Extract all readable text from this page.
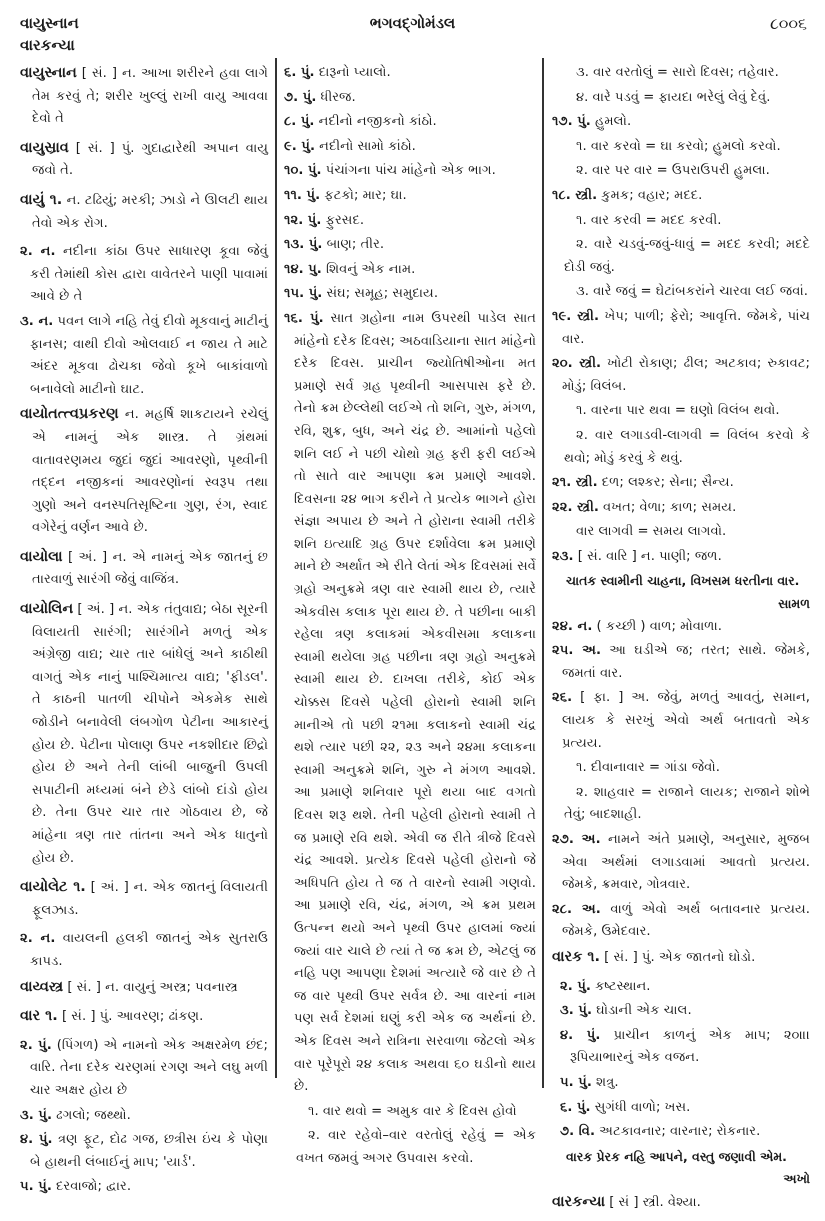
વાયુસ્નાન
વારકન્યા
ભગવદ્ગોમંડલ	૮૦૦૬
વાયુસ્નાન [ સં. ] ન. આખા શરીરને હવા લાગે તેમ કરવું તે; શરીર ખુલ્લું રાખી વાયુ આવવા દેવો તે
વાયુસ્રાવ [ સં. ] પું. ગુદાદ્વારેથી અપાન વાયુ જવો તે.
વાયું ૧. ન. ટઢિયું; મરકી; ઝાડો ને ઊલટી થાય તેવો એક રોગ.
૨. ન. નદીના કાંઠા ઉપર સાધારણ કૂવા જેવું કરી તેમાંથી કોસ દ્વારા વાવેતરને પાણી પાવામાં આવે છે તે
૩. ન. પવન લાગે નહિ તેવું દીવો મૂકવાનું માટીનું ફાનસ; વાથી દીવો ઓલવાઈ ન જાય તે માટે અંદર મૂકવા ઢોચકા જેવો કૂખે બાકાંવાળો બનાવેલો માટીનો ઘાટ.
વાયોતત્ત્વપ્રકરણ ન. મહર્ષિ શાકટાયને રચેલું એ નામનું એક શાસ્ત્ર. તે ગ્રંથમાં વાતાવરણમય જુદાં જુદાં આવરણો, પૃથ્વીની તદ્દન નજીકનાં આવરણોનાં સ્વરૂપ તથા ગુણો અને વનસ્પતિસૃષ્ટિના ગુણ, રંગ, સ્વાદ વગેરેનું વર્ણન આવે છે.
વાયોલા [ અં. ] ન. એ નામનું એક જાતનું છ તારવાળું સારંગી જેવું વાજિંત્ર.
વાયોલિન [ અં. ] ન. એક તંતુવાદ્ય; બેઠા સૂરની વિલાયતી સારંગી; સારંગીને મળતું એક અંગ્રેજી વાદ્ય; ચાર તાર બાંધેલું અને કાઠીથી વાગતું એક નાનું પાશ્ચિમાત્ય વાદ્ય; 'ફીડલ'. તે કાઠની પાતળી ચીપોને એકમેક સાથે જોડીને બનાવેલી લંબગોળ પેટીના આકારનું હોય છે. પેટીના પોલાણ ઉપર નકશીદાર છિદ્રો હોય છે અને તેની લાંબી બાજુની ઉપલી સપાટીની મધ્યમાં બંને છેડે લાંબો દાંડો હોય છે. તેના ઉપર ચાર તાર ગોઠવાય છે, જે માંહેના ત્રણ તાર તાંતના અને એક ધાતુનો હોય છે.
વાયોલેટ ૧. [ અં. ] ન. એક જાતનું વિલાયતી ફૂલઝાડ.
૨. ન. વાયલની હલકી જાતનું એક સુતરાઉ કાપડ.
વાય્વસ્ત્ર [ સં. ] ન. વાયુનું અસ્ત્ર; પવનાસ્ત્ર
વાર ૧. [ સં. ] પું. આવરણ; ઢાંકણ.
૨. પું. (પિંગળ) એ નામનો એક અક્ષરમેળ છંદ; વારિ. તેના દરેક ચરણમાં રગણ અને લઘુ મળી ચાર અક્ષર હોય છે
૩. પું. ઢગલો; જથ્થો.
૪. પું. ત્રણ ફૂટ, દોઢ ગજ, છત્રીસ ઇંચ કે પોણા બે હાથની લંબાઈનું માપ; 'યાર્ડ'.
૫. પું. દરવાજો; દ્વાર.
૬. પું. દારૂનો પ્યાલો.
૭. પું. ધીરજ.
૮. પું. નદીનો નજીકનો કાંઠો.
૯. પું. નદીનો સામો કાંઠો.
૧૦. પું. પંચાંગના પાંચ માંહેનો એક ભાગ.
૧૧. પું. ફટકો; માર; ઘા.
૧૨. પું. ફુરસદ.
૧૩. પું. બાણ; તીર.
૧૪. પુ. શિવનું એક નામ.
૧૫. પું. સંઘ; સમૂહ; સમુદાય.
૧૬. પું. સાત ગ્રહોના નામ ઉપરથી પાડેલ સાત માંહેનો દરેક દિવસ; અઠવાડિયાના સાત માંહેનો દરેક દિવસ. પ્રાચીન જ્યોતિષીઓના મત પ્રમાણે સર્વ ગ્રહ પૃથ્વીની આસપાસ ફરે છે. તેનો ક્રમ છેલ્લેથી લઈએ તો શનિ, ગુરુ, મંગળ, રવિ, શુક્ર, બુધ, અને ચંદ્ર છે. આમાંનો પહેલો શનિ લઈ ને પછી ચોથો ગ્રહ ફરી ફરી લઈએ તો સાતે વાર આપણા ક્રમ પ્રમાણે આવશે. દિવસના ૨૪ ભાગ કરીને તે પ્રત્યેક ભાગને હોરા સંજ્ઞા અપાય છે અને તે હોરાના સ્વામી તરીકે શનિ ઇત્યાદિ ગ્રહ ઉપર દર્શાવેલા ક્રમ પ્રમાણે માને છે અર્થાત એ રીતે લેતાં એક દિવસમાં સર્વે ગ્રહો અનુક્રમે ત્રણ વાર સ્વામી થાય છે, ત્યારે એકવીસ કલાક પૂરા થાય છે. તે પછીના બાકી રહેલા ત્રણ કલાકમાં એકવીસમા કલાકના સ્વામી થયેલા ગ્રહ પછીના ત્રણ ગ્રહો અનુક્રમે સ્વામી થાય છે. દાખલા તરીકે, કોઈ એક ચોક્કસ દિવસે પહેલી હોરાનો સ્વામી શનિ માનીએ તો પછી ૨૧મા કલાકનો સ્વામી ચંદ્ર થશે ત્યાર પછી ૨૨, ૨૩ અને ૨૪મા કલાકના સ્વામી અનુક્રમે શનિ, ગુરુ ને મંગળ આવશે. આ પ્રમાણે શનિવાર પૂરો થયા બાદ વગતો દિવસ શરૂ થશે. તેની પહેલી હોરાનો સ્વામી તે જ પ્રમાણે રવિ થશે. એવી જ રીતે ત્રીજે દિવસે ચંદ્ર આવશે. પ્રત્યેક દિવસે પહેલી હોરાનો જે અધિપતિ હોય તે જ તે વારનો સ્વામી ગણવો. આ પ્રમાણે રવિ, ચંદ્ર, મંગળ, એ ક્રમ પ્રથમ ઉત્પન્ન થયો અને પૃથ્વી ઉપર હાલમાં જ્યાં જ્યાં વાર ચાલે છે ત્યાં તે જ ક્રમ છે, એટલું જ નહિ પણ આપણા દેશમાં અત્યારે જે વાર છે તે જ વાર પૃથ્વી ઉપર સર્વત્ર છે. આ વારનાં નામ પણ સર્વ દેશમાં ઘણું કરી એક જ અર્થનાં છે. એક દિવસ અને રાત્રિના સરવાળા જેટલો એક વાર પૂરેપૂરો ૨૪ કલાક અથવા ૬૦ ઘડીનો થાય છે.
૧. વાર થવો = અમુક વાર કે દિવસ હોવો
૨. વાર રહેવો–વાર વરતોલું રહેવું = એક વખત જમવું અગર ઉપવાસ કરવો.
૩. વાર વરતોલું = સારો દિવસ; તહેવાર.
૪. વારે પડવું = ફાયદા ભરેલું લેવું દેવું.
૧૭. પું. હુમલો.
૧. વાર કરવો = ઘા કરવો; હુમલો કરવો.
૨. વાર પર વાર = ઉપરાઉપરી હુમલા.
૧૮. સ્ત્રી. કુમક; વહાર; મદદ.
૧. વાર કરવી = મદદ કરવી.
૨. વારે ચડવું-જવું-ધાવું = મદદ કરવી; મદદે દોડી જવું.
૩. વારે જવું = ઘેટાંબકરાંને ચારવા લઈ જવાં.
૧૯. સ્ત્રી. ખેપ; પાળી; ફેરો; આવૃત્તિ. જેમકે, પાંચ વાર.
૨૦. સ્ત્રી. ખોટી રોકાણ; ઢીલ; અટકાવ; રુકાવટ; મોડું; વિલંબ.
૧. વારના પાર થવા = ઘણો વિલંબ થવો.
૨. વાર લગાડવી-લાગવી = વિલંબ કરવો કે થવો; મોડું કરવું કે થવું.
૨૧. સ્ત્રી. દળ; લશ્કર; સેના; સૈન્ય.
૨૨. સ્ત્રી. વખત; વેળા; કાળ; સમય.
વાર લાગવી = સમય લાગવો.
૨૩. [ સં. વારિ ] ન. પાણી; જળ.
ચાતક સ્વામીની ચાહના, વિખસમ ધરતીના વાર.
સામળ
૨૪. ન. ( કચ્છી ) વાળ; મોવાળા.
૨૫. અ. આ ઘડીએ જ; તરત; સાથે. જેમકે, જમતાં વાર.
૨૬. [ ફા. ] અ. જેવું, મળતું આવતું, સમાન, લાયક કે સરખું એવો અર્થ બતાવતો એક પ્રત્યય.
૧. દીવાનાવાર = ગાંડા જેવો.
૨. શાહવાર = રાજાને લાયક; રાજાને શોભે તેવું; બાદશાહી.
૨૭. અ. નામને અંતે પ્રમાણે, અનુસાર, મુજબ એવા અર્થમાં લગાડવામાં આવતો પ્રત્યય. જેમકે, ક્રમવાર, ગોત્રવાર.
૨૮. અ. વાળું એવો અર્થ બતાવનાર પ્રત્યય. જેમકે, ઉમેદવાર.
વારક ૧. [ સં. ] પું. એક જાતનો ઘોડો.
૨. પું. કષ્ટસ્થાન.
૩. પું. ઘોડાની એક ચાલ.
૪. પું. પ્રાચીન કાળનું એક માપ; ૨૦॥। રૂપિયાભારનું એક વજન.
૫. પું. શત્રુ.
૬. પું. સુગંધી વાળો; ખસ.
૭. વિ. અટકાવનાર; વારનાર; રોકનાર.
વારક પ્રેરક નહિ આપને, વસ્તુ જણાવી એમ.
અખો
વારકન્યા [ સં ] સ્ત્રી. વેશ્યા.
